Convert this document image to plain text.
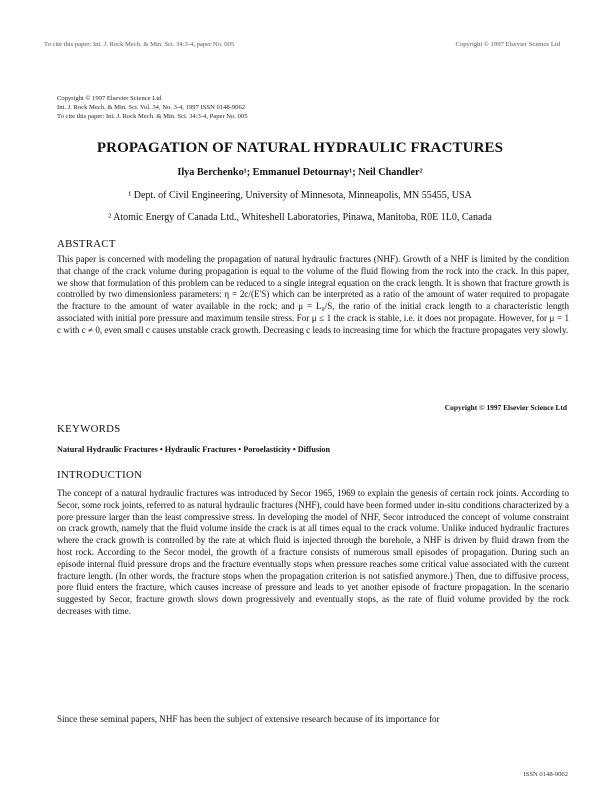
To cite this paper: Int. J. Rock Mech. & Min. Sci. 34:3-4, paper No. 005	Copyright © 1997 Elsevier Science Ltd
Copyright © 1997 Elsevier Science Ltd
Int. J. Rock Mech. & Min. Sci. Vol. 34, No. 3-4, 1997 ISSN 0148-9062
To cite this paper: Int. J. Rock Mech. & Min. Sci. 34:3-4, Paper No. 005
PROPAGATION OF NATURAL HYDRAULIC FRACTURES
Ilya Berchenko¹; Emmanuel Detournay¹; Neil Chandler²
¹ Dept. of Civil Engineering, University of Minnesota, Minneapolis, MN 55455, USA
² Atomic Energy of Canada Ltd., Whiteshell Laboratories, Pinawa, Manitoba, R0E 1L0, Canada
ABSTRACT
This paper is concerned with modeling the propagation of natural hydraulic fractures (NHF). Growth of a NHF is limited by the condition that change of the crack volume during propagation is equal to the volume of the fluid flowing from the rock into the crack. In this paper, we show that formulation of this problem can be reduced to a single integral equation on the crack length. It is shown that fracture growth is controlled by two dimensionless parameters: η = 2c/(E'S) which can be interpreted as a ratio of the amount of water required to propagate the fracture to the amount of water available in the rock; and μ = L₀/S, the ratio of the initial crack length to a characteristic length associated with initial pore pressure and maximum tensile stress. For μ ≤ 1 the crack is stable, i.e. it does not propagate. However, for μ = 1 c with c ≠ 0, even small c causes unstable crack growth. Decreasing c leads to increasing time for which the fracture propagates very slowly.
Copyright © 1997 Elsevier Science Ltd
KEYWORDS
Natural Hydraulic Fractures • Hydraulic Fractures • Poroelasticity • Diffusion
INTRODUCTION
The concept of a natural hydraulic fractures was introduced by Secor 1965, 1969 to explain the genesis of certain rock joints. According to Secor, some rock joints, referred to as natural hydraulic fractures (NHF), could have been formed under in-situ conditions characterized by a pore pressure larger than the least compressive stress. In developing the model of NHF, Secor introduced the concept of volume constraint on crack growth, namely that the fluid volume inside the crack is at all times equal to the crack volume. Unlike induced hydraulic fractures where the crack growth is controlled by the rate at which fluid is injected through the borehole, a NHF is driven by fluid drawn from the host rock. According to the Secor model, the growth of a fracture consists of numerous small episodes of propagation. During such an episode internal fluid pressure drops and the fracture eventually stops when pressure reaches some critical value associated with the current fracture length. (In other words, the fracture stops when the propagation criterion is not satisfied anymore.) Then, due to diffusive process, pore fluid enters the fracture, which causes increase of pressure and leads to yet another episode of fracture propagation. In the scenario suggested by Secor, fracture growth slows down progressively and eventually stops, as the rate of fluid volume provided by the rock decreases with time.
Since these seminal papers, NHF has been the subject of extensive research because of its importance for
ISSN 0148-9062
